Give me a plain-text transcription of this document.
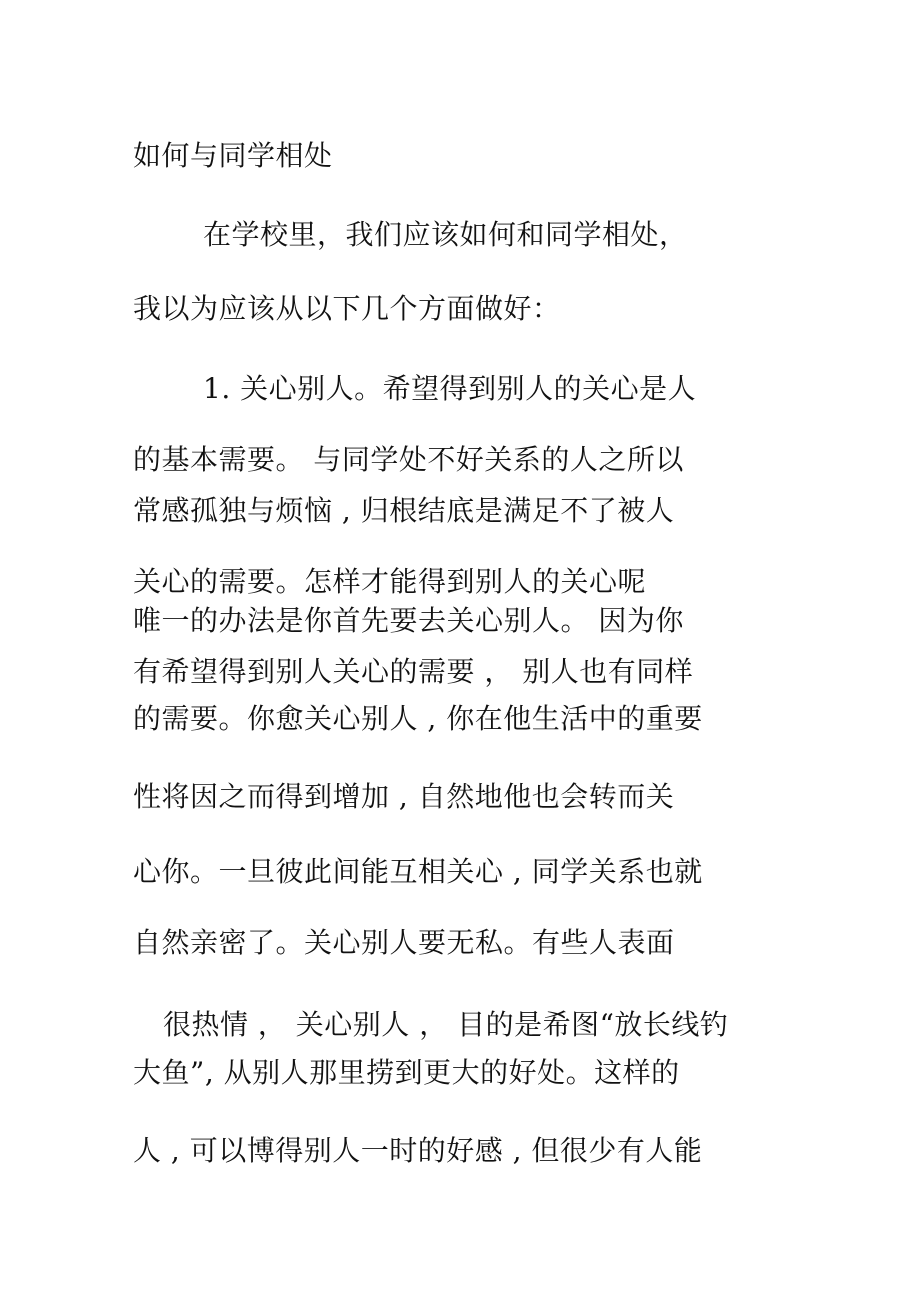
如何与同学相处
在学校里，我们应该如何和同学相处，
我以为应该从以下几个方面做好：
1. 关心别人。希望得到别人的关心是人
的基本需要。 与同学处不好关系的人之所以
常感孤独与烦恼 , 归根结底是满足不了被人
关心的需要。怎样才能得到别人的关心呢
唯一的办法是你首先要去关心别人。 因为你
有希望得到别人关心的需要 ， 别人也有同样
的需要。你愈关心别人 , 你在他生活中的重要
性将因之而得到增加 , 自然地他也会转而关
心你。一旦彼此间能互相关心 , 同学关系也就
自然亲密了。关心别人要无私。有些人表面
很热情 ， 关心别人 ， 目的是希图“放长线钓
大鱼”, 从别人那里捞到更大的好处。这样的
人 , 可以博得别人一时的好感 , 但很少有人能
